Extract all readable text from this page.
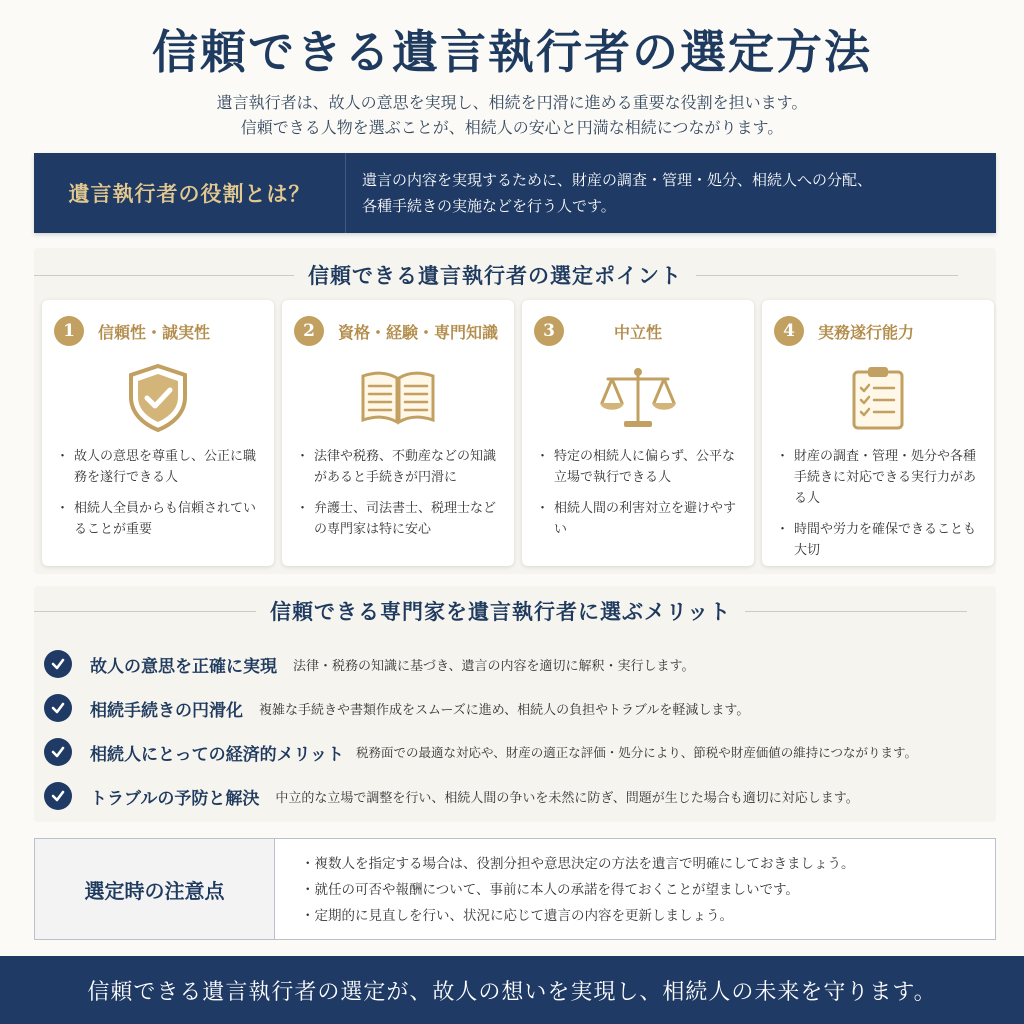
信頼できる遺言執行者の選定方法
遺言執行者は、故人の意思を実現し、相続を円滑に進める重要な役割を担います。
信頼できる人物を選ぶことが、相続人の安心と円満な相続につながります。
遺言執行者の役割とは？
遺言の内容を実現するために、財産の調査・管理・処分、相続人への分配、
各種手続きの実施などを行う人です。
信頼できる遺言執行者の選定ポイント
1	信頼性・誠実性
・ 故人の意思を尊重し、公正に職務を遂行できる人
・ 相続人全員からも信頼されていることが重要
2	資格・経験・専門知識
・ 法律や税務、不動産などの知識があると手続きが円滑に
・ 弁護士、司法書士、税理士などの専門家は特に安心
3	中立性
・ 特定の相続人に偏らず、公平な立場で執行できる人
・ 相続人間の利害対立を避けやすい
4	実務遂行能力
・ 財産の調査・管理・処分や各種手続きに対応できる実行力がある人
・ 時間や労力を確保できることも大切
信頼できる専門家を遺言執行者に選ぶメリット
故人の意思を正確に実現 法律・税務の知識に基づき、遺言の内容を適切に解釈・実行します。
相続手続きの円滑化 複雑な手続きや書類作成をスムーズに進め、相続人の負担やトラブルを軽減します。
相続人にとっての経済的メリット 税務面での最適な対応や、財産の適正な評価・処分により、節税や財産価値の維持につながります。
トラブルの予防と解決 中立的な立場で調整を行い、相続人間の争いを未然に防ぎ、問題が生じた場合も適切に対応します。
選定時の注意点
・ 複数人を指定する場合は、役割分担や意思決定の方法を遺言で明確にしておきましょう。
・ 就任の可否や報酬について、事前に本人の承諾を得ておくことが望ましいです。
・ 定期的に見直しを行い、状況に応じて遺言の内容を更新しましょう。
信頼できる遺言執行者の選定が、故人の想いを実現し、相続人の未来を守ります。
